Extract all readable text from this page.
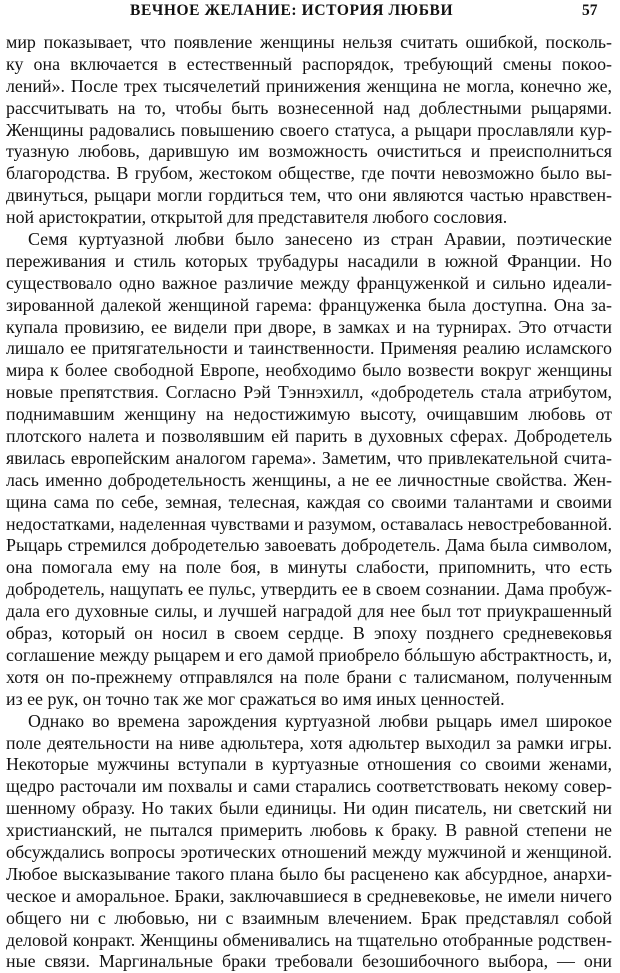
ВЕЧНОЕ ЖЕЛАНИЕ: ИСТОРИЯ ЛЮБВИ	57
мир показывает, что появление женщины нельзя считать ошибкой, посколь-
ку она включается в естественный распорядок, требующий смены покоо-
лений». После трех тысячелетий принижения женщина не могла, конечно же,
рассчитывать на то, чтобы быть вознесенной над доблестными рыцарями.
Женщины радовались повышению своего статуса, а рыцари прославляли кур-
туазную любовь, дарившую им возможность очиститься и преисполниться
благородства. В грубом, жестоком обществе, где почти невозможно было вы-
двинуться, рыцари могли гордиться тем, что они являются частью нравствен-
ной аристократии, открытой для представителя любого сословия.
Семя куртуазной любви было занесено из стран Аравии, поэтические
переживания и стиль которых трубадуры насадили в южной Франции. Но
существовало одно важное различие между француженкой и сильно идеали-
зированной далекой женщиной гарема: француженка была доступна. Она за-
купала провизию, ее видели при дворе, в замках и на турнирах. Это отчасти
лишало ее притягательности и таинственности. Применяя реалию исламского
мира к более свободной Европе, необходимо было возвести вокруг женщины
новые препятствия. Согласно Рэй Тэннэхилл, «добродетель стала атрибутом,
поднимавшим женщину на недостижимую высоту, очищавшим любовь от
плотского налета и позволявшим ей парить в духовных сферах. Добродетель
явилась европейским аналогом гарема». Заметим, что привлекательной счита-
лась именно добродетельность женщины, а не ее личностные свойства. Жен-
щина сама по себе, земная, телесная, каждая со своими талантами и своими
недостатками, наделенная чувствами и разумом, оставалась невостребованной.
Рыцарь стремился добродетелью завоевать добродетель. Дама была символом,
она помогала ему на поле боя, в минуты слабости, припомнить, что есть
добродетель, нащупать ее пульс, утвердить ее в своем сознании. Дама пробуж-
дала его духовные силы, и лучшей наградой для нее был тот приукрашенный
образ, который он носил в своем сердце. В эпоху позднего средневековья
соглашение между рыцарем и его дамой приобрело бóльшую абстрактность, и,
хотя он по-прежнему отправлялся на поле брани с талисманом, полученным
из ее рук, он точно так же мог сражаться во имя иных ценностей.
Однако во времена зарождения куртуазной любви рыцарь имел широкое
поле деятельности на ниве адюльтера, хотя адюльтер выходил за рамки игры.
Некоторые мужчины вступали в куртуазные отношения со своими женами,
щедро расточали им похвалы и сами старались соответствовать некому совер-
шенному образу. Но таких были единицы. Ни один писатель, ни светский ни
христианский, не пытался примерить любовь к браку. В равной степени не
обсуждались вопросы эротических отношений между мужчиной и женщиной.
Любое высказывание такого плана было бы расценено как абсурдное, анархи-
ческое и аморальное. Браки, заключавшиеся в средневековье, не имели ничего
общего ни с любовью, ни с взаимным влечением. Брак представлял собой
деловой конракт. Женщины обменивались на тщательно отобранные родствен-
ные связи. Маргинальные браки требовали безошибочного выбора, — они
